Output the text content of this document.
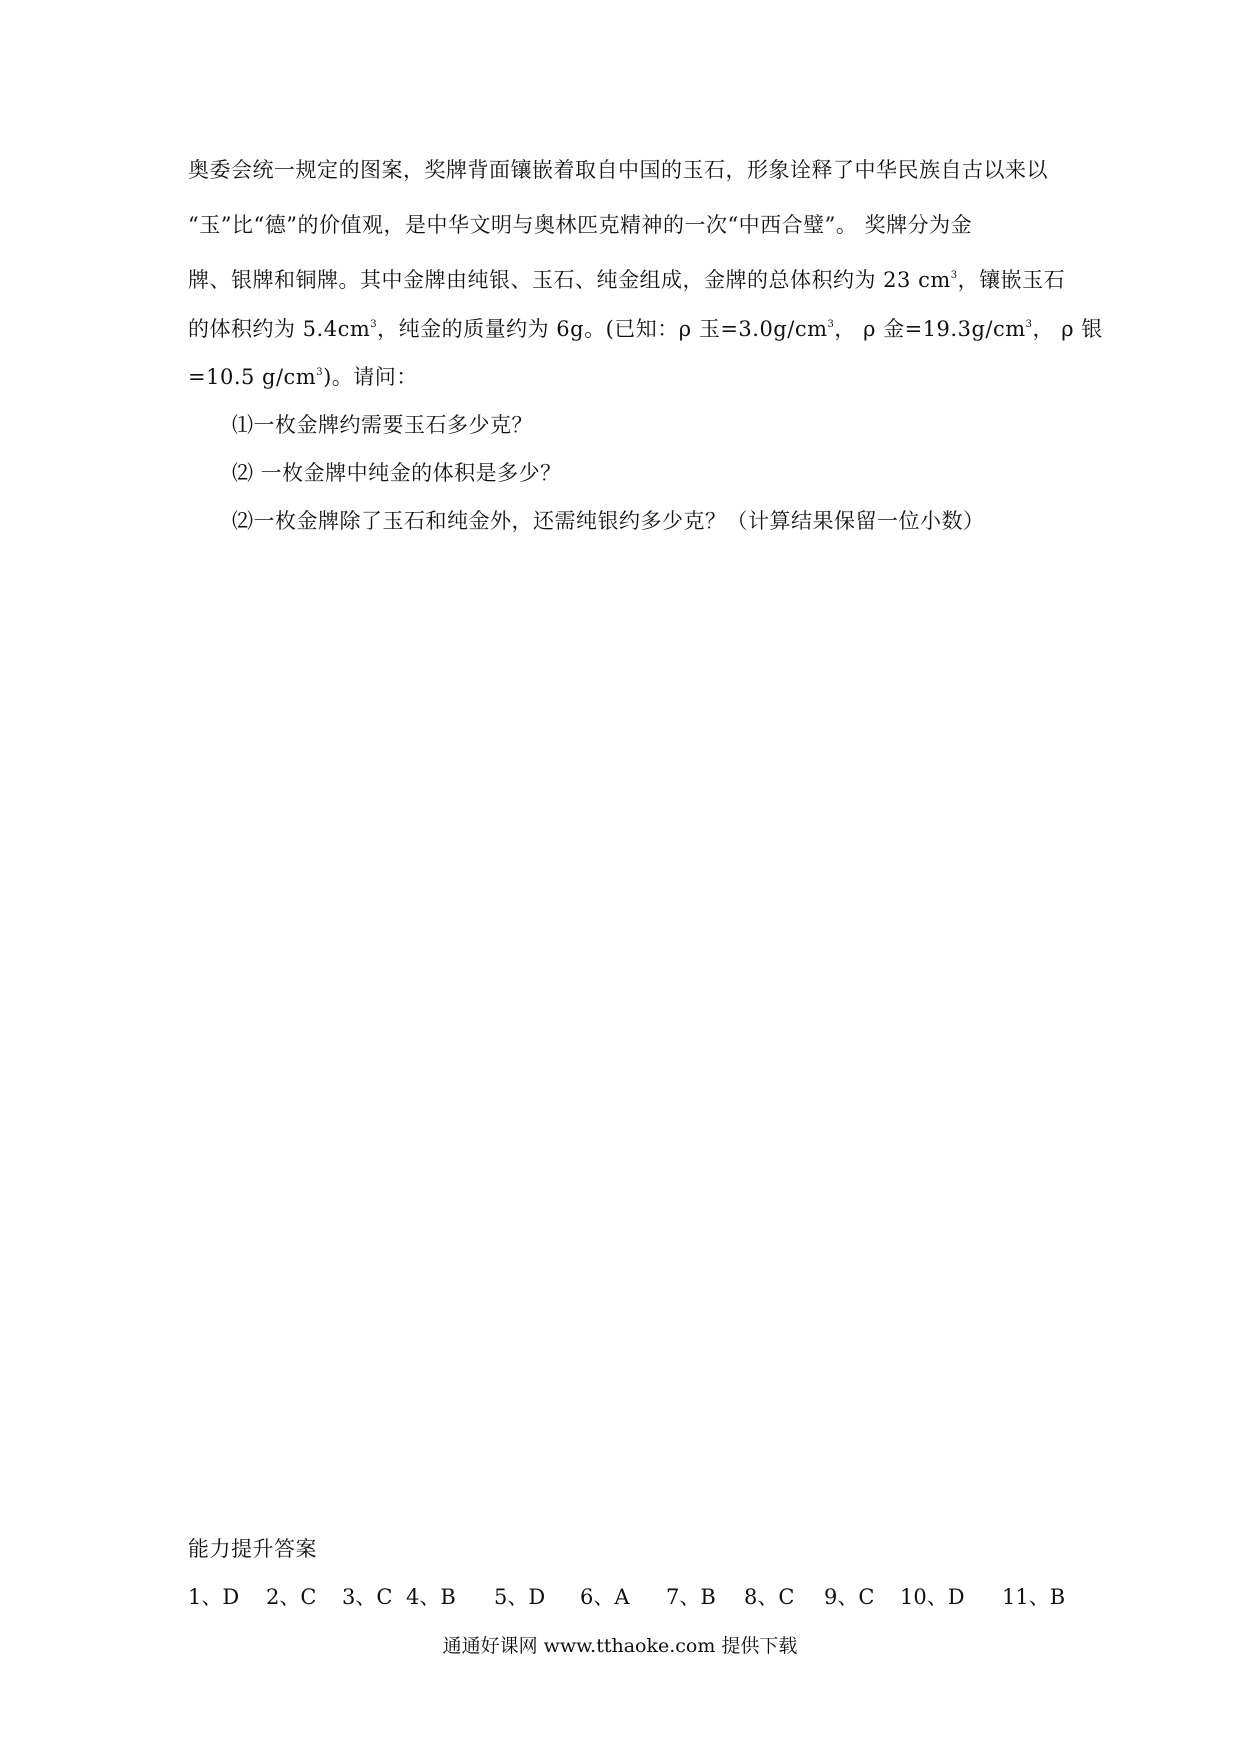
奥委会统一规定的图案，奖牌背面镶嵌着取自中国的玉石，形象诠释了中华民族自古以来以
“玉”比“德”的价值观，是中华文明与奥林匹克精神的一次“中西合璧”。 奖牌分为金
牌、银牌和铜牌。其中金牌由纯银、玉石、纯金组成，金牌的总体积约为 23 $cm^3$，镶嵌玉石
的体积约为 $5.4cm^3$，纯金的质量约为 6g。(已知：ρ 玉$=3.0g/cm^3$， ρ 金$=19.3g/cm^3$， ρ 银
=10.5 $g/cm^3$)。请问：
⑴一枚金牌约需要玉石多少克？
⑵ 一枚金牌中纯金的体积是多少？
⑵一枚金牌除了玉石和纯金外，还需纯银约多少克？（计算结果保留一位小数）
能力提升答案
1、D 2、C 3、C 4、B 5、D 6、A 7、B 8、C 9、C 10、D 11、B
通通好课网 www.tthaoke.com 提供下载
